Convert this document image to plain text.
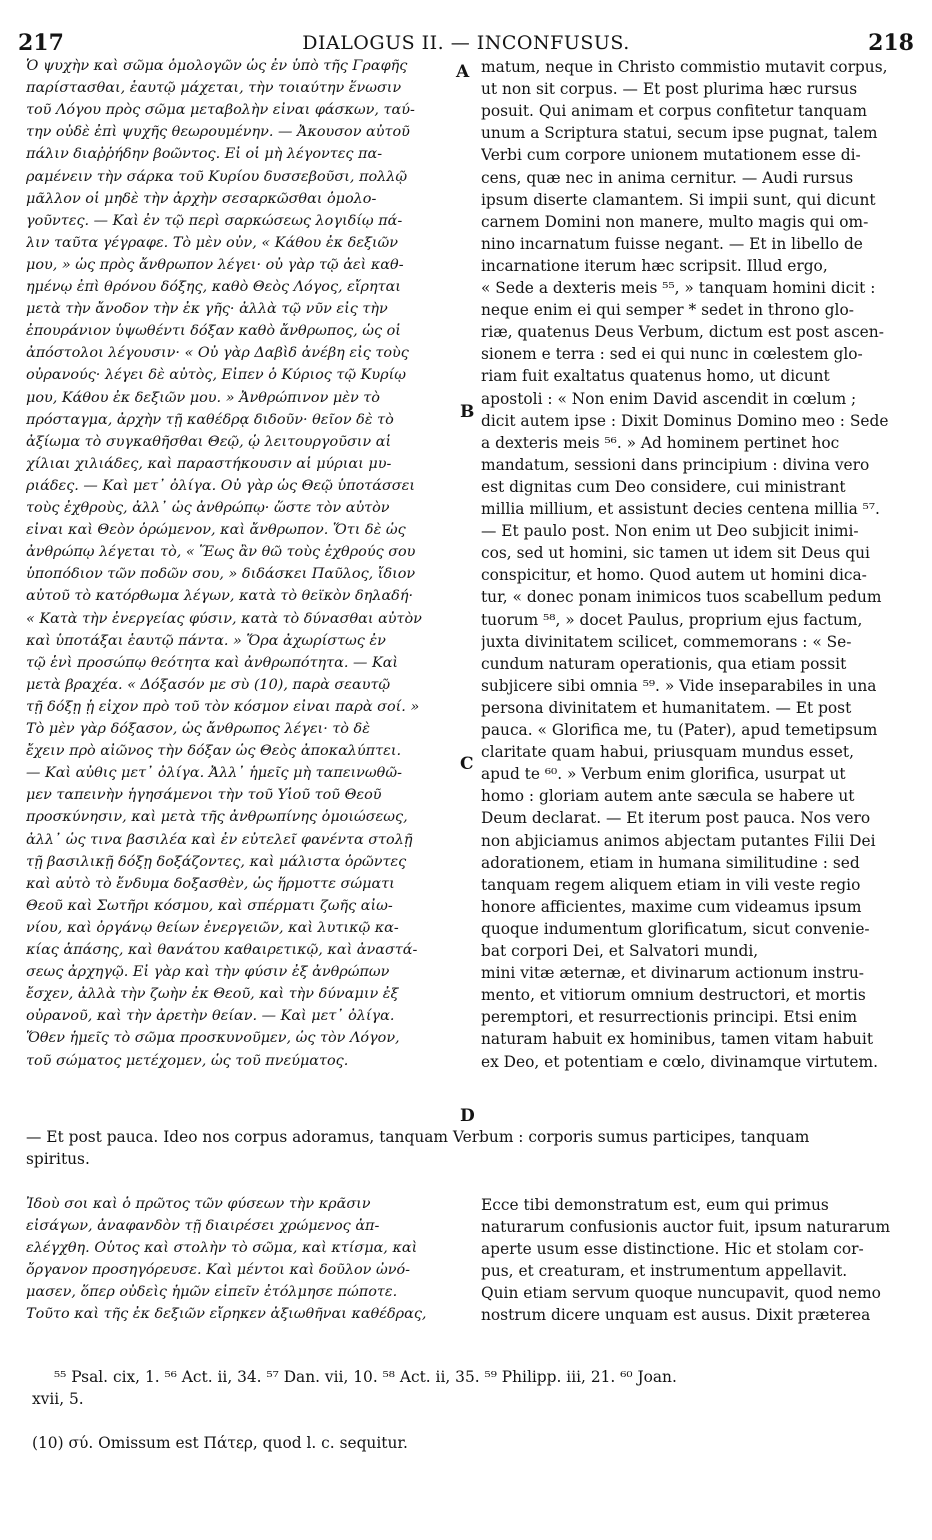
217	DIALOGUS II. — INCONFUSUS.	218
Ὁ ψυχὴν καὶ σῶμα ὁμολογῶν ὡς ἐν ὑπὸ τῆς Γραφῆς
παρίστασθαι, ἑαυτῷ μάχεται, τὴν τοιαύτην ἕνωσιν
τοῦ Λόγου πρὸς σῶμα μεταβολὴν εἶναι φάσκων, ταύ-
την οὐδὲ ἐπὶ ψυχῆς θεωρουμένην. — Ἀκουσον αὐτοῦ
πάλιν διαῤῥήδην βοῶντος. Εἰ οἱ μὴ λέγοντες πα-
ραμένειν τὴν σάρκα τοῦ Κυρίου δυσσεβοῦσι, πολλῷ
μᾶλλον οἱ μηδὲ τὴν ἀρχὴν σεσαρκῶσθαι ὁμολο-
γοῦντες. — Καὶ ἐν τῷ περὶ σαρκώσεως λογιδίῳ πά-
λιν ταῦτα γέγραφε. Τὸ μὲν οὖν, « Κάθου ἐκ δεξιῶν
μου, » ὡς πρὸς ἄνθρωπον λέγει· οὐ γὰρ τῷ ἀεὶ καθ-
ημένῳ ἐπὶ θρόνου δόξης, καθὸ Θεὸς Λόγος, εἴρηται
μετὰ τὴν ἄνοδον τὴν ἐκ γῆς· ἀλλὰ τῷ νῦν εἰς τὴν
ἐπουράνιον ὑψωθέντι δόξαν καθὸ ἄνθρωπος, ὡς οἱ
ἀπόστολοι λέγουσιν· « Οὐ γὰρ Δαβὶδ ἀνέβη εἰς τοὺς
οὐρανούς· λέγει δὲ αὐτὸς, Εἶπεν ὁ Κύριος τῷ Κυρίῳ
μου, Κάθου ἐκ δεξιῶν μου. » Ἀνθρώπινον μὲν τὸ
πρόσταγμα, ἀρχὴν τῇ καθέδρᾳ διδοῦν· θεῖον δὲ τὸ
ἀξίωμα τὸ συγκαθῆσθαι Θεῷ, ᾧ λειτουργοῦσιν αἱ
χίλιαι χιλιάδες, καὶ παραστήκουσιν αἱ μύριαι μυ-
ριάδες. — Καὶ μετ᾽ ὀλίγα. Οὐ γὰρ ὡς Θεῷ ὑποτάσσει
τοὺς ἐχθροὺς, ἀλλ᾽ ὡς ἀνθρώπῳ· ὥστε τὸν αὐτὸν
εἶναι καὶ Θεὸν ὁρώμενον, καὶ ἄνθρωπον. Ὅτι δὲ ὡς
ἀνθρώπῳ λέγεται τὸ, « Ἕως ἂν θῶ τοὺς ἐχθρούς σου
ὑποπόδιον τῶν ποδῶν σου, » διδάσκει Παῦλος, ἴδιον
αὐτοῦ τὸ κατόρθωμα λέγων, κατὰ τὸ θεϊκὸν δηλαδή·
« Κατὰ τὴν ἐνεργείας φύσιν, κατὰ τὸ δύνασθαι αὐτὸν
καὶ ὑποτάξαι ἑαυτῷ πάντα. » Ὅρα ἀχωρίστως ἐν
τῷ ἑνὶ προσώπῳ θεότητα καὶ ἀνθρωπότητα. — Καὶ
μετὰ βραχέα. « Δόξασόν με σὺ (10), παρὰ σεαυτῷ
τῇ δόξῃ ᾗ εἶχον πρὸ τοῦ τὸν κόσμον εἶναι παρὰ σοί. »
Τὸ μὲν γὰρ δόξασον, ὡς ἄνθρωπος λέγει· τὸ δὲ
ἔχειν πρὸ αἰῶνος τὴν δόξαν ὡς Θεὸς ἀποκαλύπτει.
— Καὶ αὖθις μετ᾽ ὀλίγα. Ἀλλ᾽ ἡμεῖς μὴ ταπεινωθῶ-
μεν ταπεινὴν ἡγησάμενοι τὴν τοῦ Υἱοῦ τοῦ Θεοῦ
προσκύνησιν, καὶ μετὰ τῆς ἀνθρωπίνης ὁμοιώσεως,
ἀλλ᾽ ὡς τινα βασιλέα καὶ ἐν εὐτελεῖ φανέντα στολῇ
τῇ βασιλικῇ δόξῃ δοξάζοντες, καὶ μάλιστα ὁρῶντες
καὶ αὐτὸ τὸ ἔνδυμα δοξασθὲν, ὡς ἥρμοττε σώματι
Θεοῦ καὶ Σωτῆρι κόσμου, καὶ σπέρματι ζωῆς αἰω-
νίου, καὶ ὀργάνῳ θείων ἐνεργειῶν, καὶ λυτικῷ κα-
κίας ἁπάσης, καὶ θανάτου καθαιρετικῷ, καὶ ἀναστά-
σεως ἀρχηγῷ. Εἰ γὰρ καὶ τὴν φύσιν ἐξ ἀνθρώπων
ἔσχεν, ἀλλὰ τὴν ζωὴν ἐκ Θεοῦ, καὶ τὴν δύναμιν ἐξ
οὐρανοῦ, καὶ τὴν ἀρετὴν θείαν. — Καὶ μετ᾽ ὀλίγα.
Ὅθεν ἡμεῖς τὸ σῶμα προσκυνοῦμεν, ὡς τὸν Λόγον,
τοῦ σώματος μετέχομεν, ὡς τοῦ πνεύματος.
matum, neque in Christo commistio mutavit corpus,
ut non sit corpus. — Et post plurima hæc rursus
posuit. Qui animam et corpus confitetur tanquam
unum a Scriptura statui, secum ipse pugnat, talem
Verbi cum corpore unionem mutationem esse di-
cens, quæ nec in anima cernitur. — Audi rursus
ipsum diserte clamantem. Si impii sunt, qui dicunt
carnem Domini non manere, multo magis qui om-
nino incarnatum fuisse negant. — Et in libello de
incarnatione iterum hæc scripsit. Illud ergo,
« Sede a dexteris meis ⁵⁵, » tanquam homini dicit :
neque enim ei qui semper * sedet in throno glo-
riæ, quatenus Deus Verbum, dictum est post ascen-
sionem e terra : sed ei qui nunc in cœlestem glo-
riam fuit exaltatus quatenus homo, ut dicunt
apostoli : « Non enim David ascendit in cœlum ;
dicit autem ipse : Dixit Dominus Domino meo : Sede
a dexteris meis ⁵⁶. » Ad hominem pertinet hoc
mandatum, sessioni dans principium : divina vero
est dignitas cum Deo considere, cui ministrant
millia millium, et assistunt decies centena millia ⁵⁷.
— Et paulo post. Non enim ut Deo subjicit inimi-
cos, sed ut homini, sic tamen ut idem sit Deus qui
conspicitur, et homo. Quod autem ut homini dica-
tur, « donec ponam inimicos tuos scabellum pedum
tuorum ⁵⁸, » docet Paulus, proprium ejus factum,
juxta divinitatem scilicet, commemorans : « Se-
cundum naturam operationis, qua etiam possit
subjicere sibi omnia ⁵⁹. » Vide inseparabiles in una
persona divinitatem et humanitatem. — Et post
pauca. « Glorifica me, tu (Pater), apud temetipsum
claritate quam habui, priusquam mundus esset,
apud te ⁶⁰. » Verbum enim glorifica, usurpat ut
homo : gloriam autem ante sæcula se habere ut
Deum declarat. — Et iterum post pauca. Nos vero
non abjiciamus animos abjectam putantes Filii Dei
adorationem, etiam in humana similitudine : sed
tanquam regem aliquem etiam in vili veste regio
honore afficientes, maxime cum videamus ipsum
quoque indumentum glorificatum, sicut convenie-
bat corpori Dei, et Salvatori mundi,
mini vitæ æternæ, et divinarum actionum instru-
mento, et vitiorum omnium destructori, et mortis
peremptori, et resurrectionis principi. Etsi enim
naturam habuit ex hominibus, tamen vitam habuit
ex Deo, et potentiam e cœlo, divinamque virtutem.
A
B
C
D
— Et post pauca. Ideo nos corpus adoramus, tanquam Verbum : corporis sumus participes, tanquam
spiritus.
Ἰδοὺ σοι καὶ ὁ πρῶτος τῶν φύσεων τὴν κρᾶσιν
εἰσάγων, ἀναφανδὸν τῇ διαιρέσει χρώμενος ἀπ-
ελέγχθη. Οὗτος καὶ στολὴν τὸ σῶμα, καὶ κτίσμα, καὶ
ὄργανον προσηγόρευσε. Καὶ μέντοι καὶ δοῦλον ὠνό-
μασεν, ὅπερ οὐδεὶς ἡμῶν εἰπεῖν ἐτόλμησε πώποτε.
Τοῦτο καὶ τῆς ἐκ δεξιῶν εἴρηκεν ἀξιωθῆναι καθέδρας,
Ecce tibi demonstratum est, eum qui primus
naturarum confusionis auctor fuit, ipsum naturarum
aperte usum esse distinctione. Hic et stolam cor-
pus, et creaturam, et instrumentum appellavit.
Quin etiam servum quoque nuncupavit, quod nemo
nostrum dicere unquam est ausus. Dixit præterea
⁵⁵ Psal. cix, 1. ⁵⁶ Act. ii, 34. ⁵⁷ Dan. vii, 10. ⁵⁸ Act. ii, 35. ⁵⁹ Philipp. iii, 21. ⁶⁰ Joan.
xvii, 5.
(10) σύ. Omissum est Πάτερ, quod l. c. sequitur.
